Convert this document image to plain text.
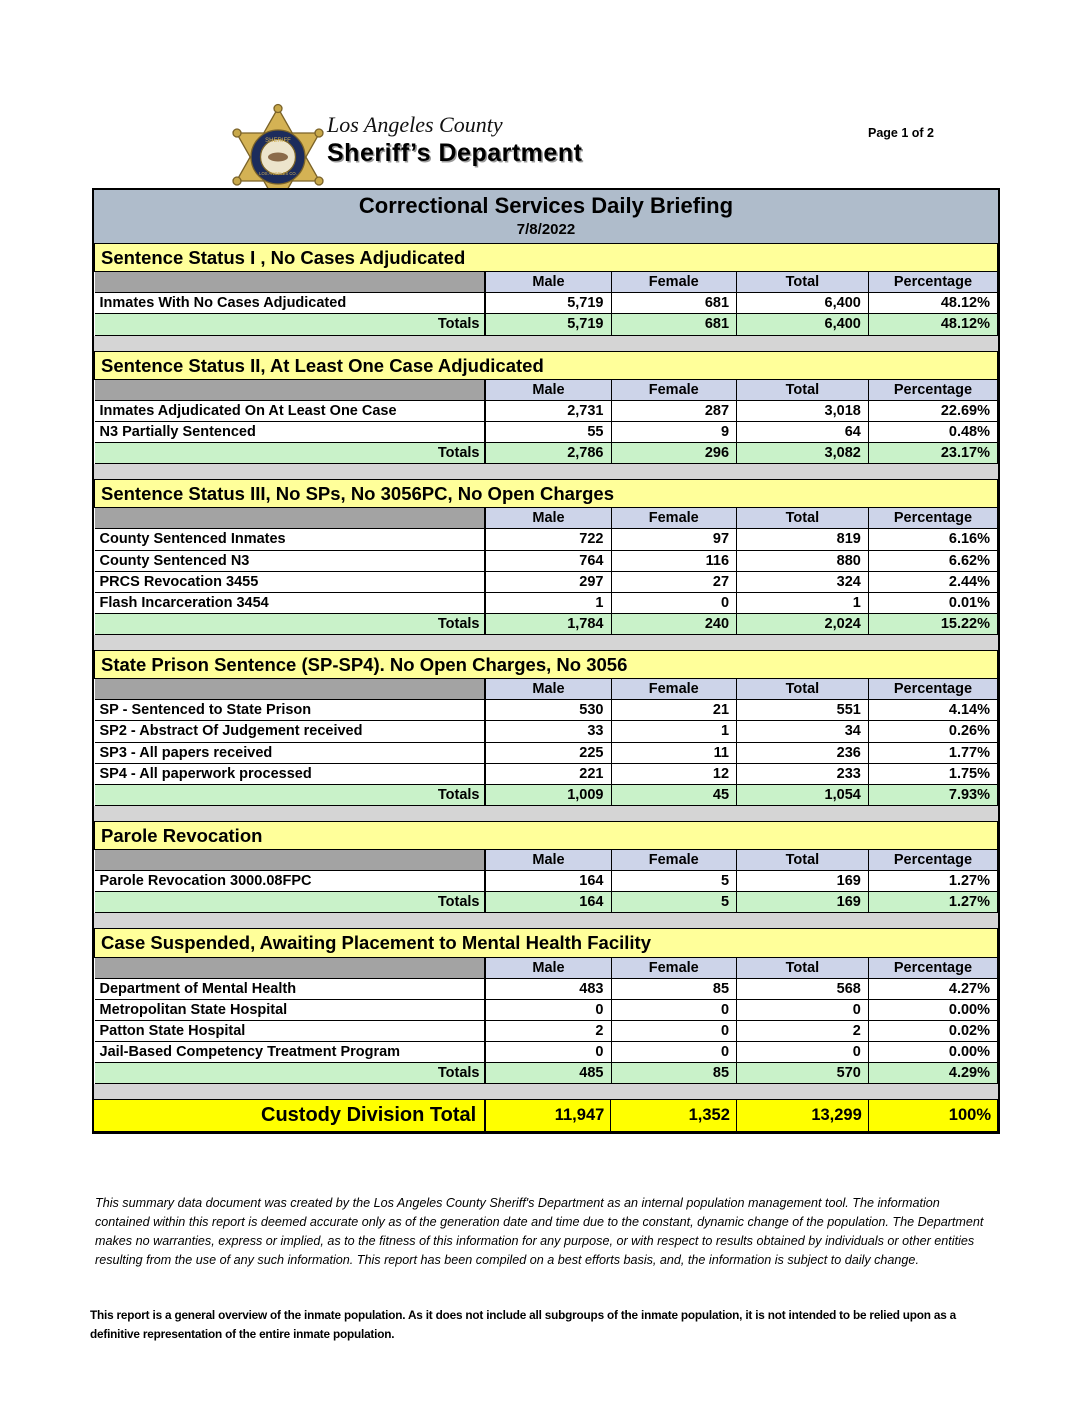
SHERIFF
LOS ANGELES CO.
Los Angeles County
Sheriff’s Department
Page 1 of 2
Correctional Services Daily Briefing
7/8/2022
Sentence Status I , No Cases Adjudicated				
	Male	Female	Total	Percentage
Inmates With No Cases Adjudicated	5,719	681	6,400	48.12%
Totals	5,719	681	6,400	48.12%
Sentence Status II, At Least One Case Adjudicated				
	Male	Female	Total	Percentage
Inmates Adjudicated On At Least One Case	2,731	287	3,018	22.69%
N3 Partially Sentenced	55	9	64	0.48%
Totals	2,786	296	3,082	23.17%
Sentence Status III, No SPs, No 3056PC, No Open Charges				
	Male	Female	Total	Percentage
County Sentenced Inmates	722	97	819	6.16%
County Sentenced N3	764	116	880	6.62%
PRCS Revocation 3455	297	27	324	2.44%
Flash Incarceration 3454	1	0	1	0.01%
Totals	1,784	240	2,024	15.22%
State Prison Sentence (SP-SP4). No Open Charges, No 3056				
	Male	Female	Total	Percentage
SP - Sentenced to State Prison	530	21	551	4.14%
SP2 - Abstract Of Judgement received	33	1	34	0.26%
SP3 - All papers received	225	11	236	1.77%
SP4 - All paperwork processed	221	12	233	1.75%
Totals	1,009	45	1,054	7.93%
Parole Revocation				
	Male	Female	Total	Percentage
Parole Revocation 3000.08FPC	164	5	169	1.27%
Totals	164	5	169	1.27%
Case Suspended, Awaiting Placement to Mental Health Facility				
	Male	Female	Total	Percentage
Department of Mental Health	483	85	568	4.27%
Metropolitan State Hospital	0	0	0	0.00%
Patton State Hospital	2	0	2	0.02%
Jail-Based Competency Treatment Program	0	0	0	0.00%
Totals	485	85	570	4.29%
Custody Division Total	11,947	1,352	13,299	100%

This summary data document was created by the Los Angeles County Sheriff's Department as an internal population management tool. The information contained within this report is deemed accurate only as of the generation date and time due to the constant, dynamic change of the population. The Department makes no warranties, express or implied, as to the fitness of this information for any purpose, or with respect to results obtained by individuals or other entities resulting from the use of any such information. This report has been compiled on a best efforts basis, and, the information is subject to daily change.

This report is a general overview of the inmate population. As it does not include all subgroups of the inmate population, it is not intended to be relied upon as a definitive representation of the entire inmate population.
